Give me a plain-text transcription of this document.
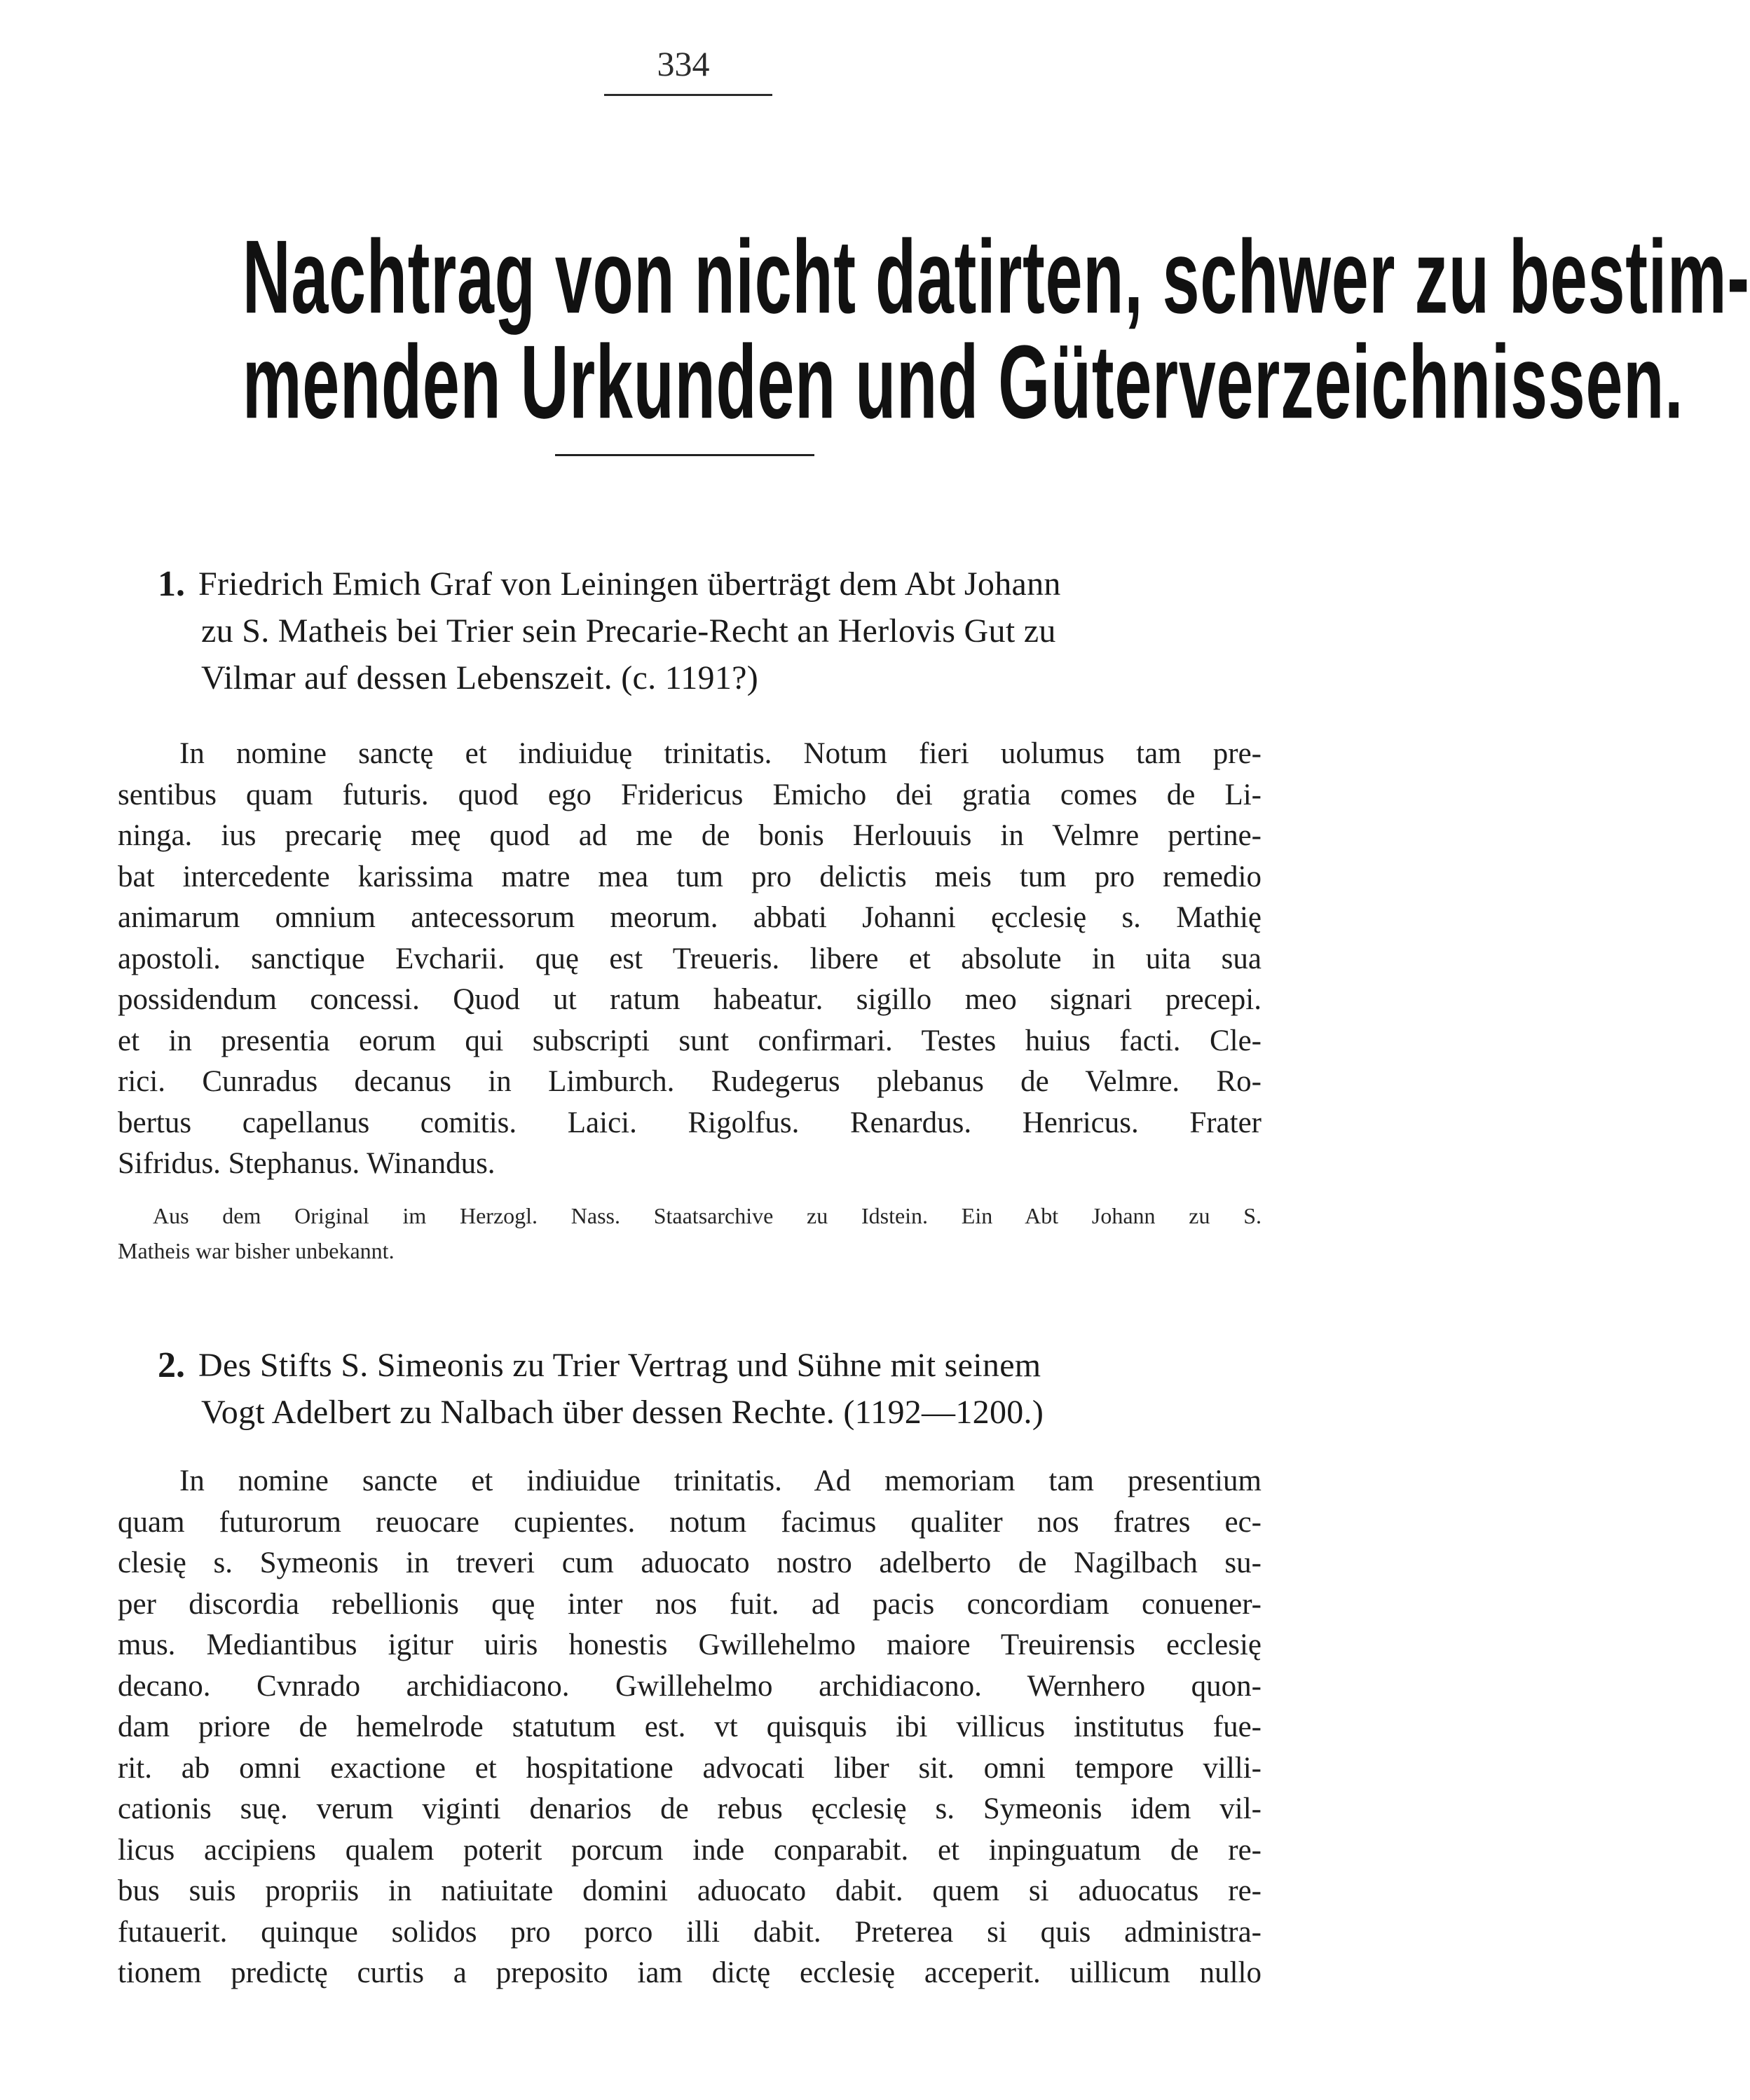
334
Nachtrag von nicht datirten, schwer zu bestim-
menden Urkunden und Güterverzeichnissen.
1. Friedrich Emich Graf von Leiningen überträgt dem Abt Johann
zu S. Matheis bei Trier sein Precarie-Recht an Herlovis Gut zu
Vilmar auf dessen Lebenszeit. (c. 1191?)
In nomine sanctę et indiuiduę trinitatis. Notum fieri uolumus tam pre-
sentibus quam futuris. quod ego Fridericus Emicho dei gratia comes de Li-
ninga. ius precarię meę quod ad me de bonis Herlouuis in Velmre pertine-
bat intercedente karissima matre mea tum pro delictis meis tum pro remedio
animarum omnium antecessorum meorum. abbati Johanni ęcclesię s. Mathię
apostoli. sanctique Evcharii. quę est Treueris. libere et absolute in uita sua
possidendum concessi. Quod ut ratum habeatur. sigillo meo signari precepi.
et in presentia eorum qui subscripti sunt confirmari. Testes huius facti. Cle-
rici. Cunradus decanus in Limburch. Rudegerus plebanus de Velmre. Ro-
bertus capellanus comitis. Laici. Rigolfus. Renardus. Henricus. Frater
Sifridus. Stephanus. Winandus.
Aus dem Original im Herzogl. Nass. Staatsarchive zu Idstein. Ein Abt Johann zu S.
Matheis war bisher unbekannt.
2. Des Stifts S. Simeonis zu Trier Vertrag und Sühne mit seinem
Vogt Adelbert zu Nalbach über dessen Rechte. (1192—1200.)
In nomine sancte et indiuidue trinitatis. Ad memoriam tam presentium
quam futurorum reuocare cupientes. notum facimus qualiter nos fratres ec-
clesię s. Symeonis in treveri cum aduocato nostro adelberto de Nagilbach su-
per discordia rebellionis quę inter nos fuit. ad pacis concordiam conuener-
mus. Mediantibus igitur uiris honestis Gwillehelmo maiore Treuirensis ecclesię
decano. Cvnrado archidiacono. Gwillehelmo archidiacono. Wernhero quon-
dam priore de hemelrode statutum est. vt quisquis ibi villicus institutus fue-
rit. ab omni exactione et hospitatione advocati liber sit. omni tempore villi-
cationis suę. verum viginti denarios de rebus ęcclesię s. Symeonis idem vil-
licus accipiens qualem poterit porcum inde conparabit. et inpinguatum de re-
bus suis propriis in natiuitate domini aduocato dabit. quem si aduocatus re-
futauerit. quinque solidos pro porco illi dabit. Preterea si quis administra-
tionem predictę curtis a preposito iam dictę ecclesię acceperit. uillicum nullo
